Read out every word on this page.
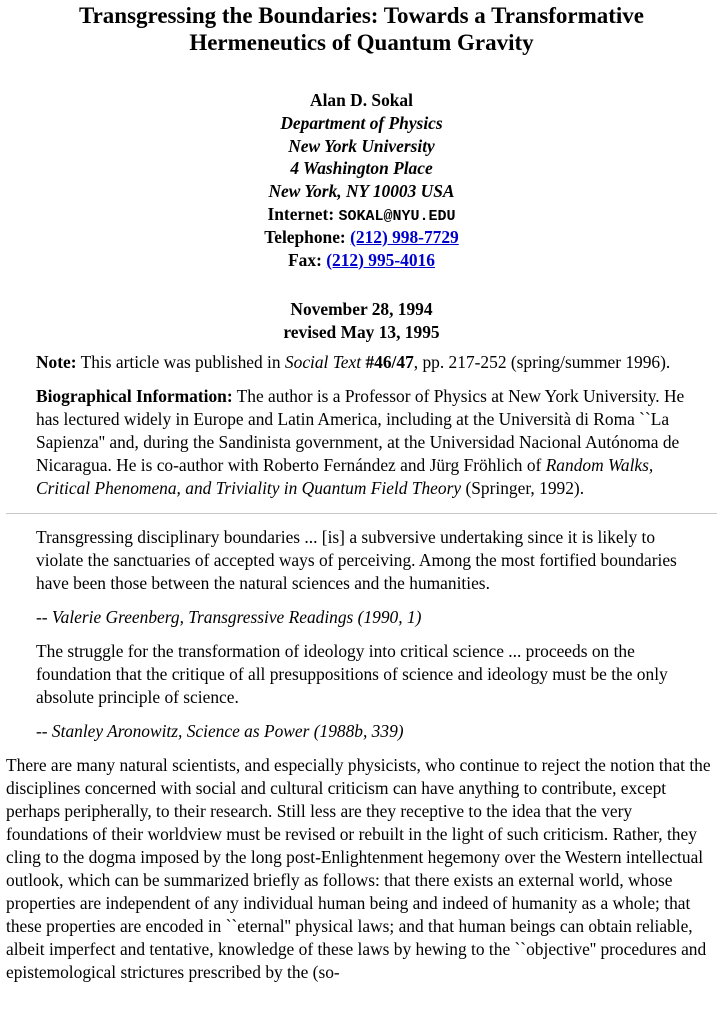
Transgressing the Boundaries: Towards a Transformative Hermeneutics of Quantum Gravity
Alan D. Sokal
Department of Physics
New York University
4 Washington Place
New York, NY 10003 USA
Internet: SOKAL@NYU.EDU
Telephone: (212) 998-7729
Fax: (212) 995-4016
November 28, 1994
revised May 13, 1995

Note: This article was published in Social Text #46/47, pp. 217-252 (spring/summer 1996).

Biographical Information: The author is a Professor of Physics at New York University. He has lectured widely in Europe and Latin America, including at the Università di Roma ``La Sapienza'' and, during the Sandinista government, at the Universidad Nacional Autónoma de Nicaragua. He is co-author with Roberto Fernández and Jürg Fröhlich of Random Walks, Critical Phenomena, and Triviality in Quantum Field Theory (Springer, 1992).

Transgressing disciplinary boundaries ... [is] a subversive undertaking since it is likely to violate the sanctuaries of accepted ways of perceiving. Among the most fortified boundaries have been those between the natural sciences and the humanities.
-- Valerie Greenberg, Transgressive Readings (1990, 1)
The struggle for the transformation of ideology into critical science ... proceeds on the foundation that the critique of all presuppositions of science and ideology must be the only absolute principle of science.
-- Stanley Aronowitz, Science as Power (1988b, 339)
There are many natural scientists, and especially physicists, who continue to reject the notion that the disciplines concerned with social and cultural criticism can have anything to contribute, except perhaps peripherally, to their research. Still less are they receptive to the idea that the very foundations of their worldview must be revised or rebuilt in the light of such criticism. Rather, they cling to the dogma imposed by the long post-Enlightenment hegemony over the Western intellectual outlook, which can be summarized briefly as follows: that there exists an external world, whose properties are independent of any individual human being and indeed of humanity as a whole; that these properties are encoded in ``eternal'' physical laws; and that human beings can obtain reliable, albeit imperfect and tentative, knowledge of these laws by hewing to the ``objective'' procedures and epistemological strictures prescribed by the (so-
